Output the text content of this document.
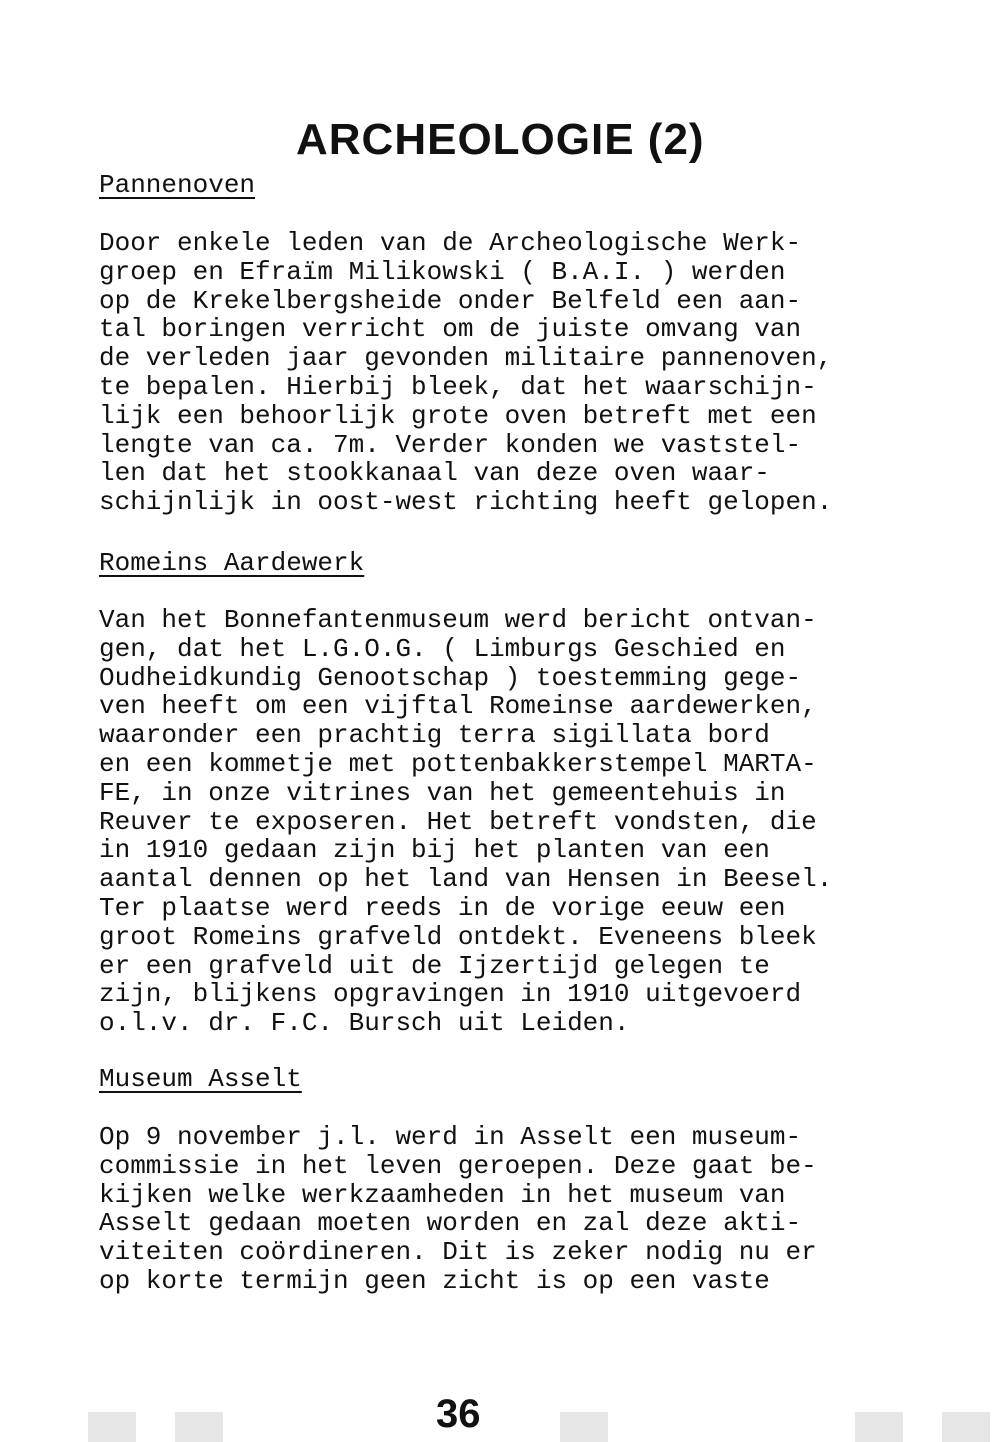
ARCHEOLOGIE (2)
Pannenoven
Door enkele leden van de Archeologische Werk-
groep en Efraïm Milikowski ( B.A.I. ) werden
op de Krekelbergsheide onder Belfeld een aan-
tal boringen verricht om de juiste omvang van
de verleden jaar gevonden militaire pannenoven,
te bepalen. Hierbij bleek, dat het waarschijn-
lijk een behoorlijk grote oven betreft met een
lengte van ca. 7m. Verder konden we vaststel-
len dat het stookkanaal van deze oven waar-
schijnlijk in oost-west richting heeft gelopen.
Romeins Aardewerk
Van het Bonnefantenmuseum werd bericht ontvan-
gen, dat het L.G.O.G. ( Limburgs Geschied en
Oudheidkundig Genootschap ) toestemming gege-
ven heeft om een vijftal Romeinse aardewerken,
waaronder een prachtig terra sigillata bord
en een kommetje met pottenbakkerstempel MARTA-
FE, in onze vitrines van het gemeentehuis in
Reuver te exposeren. Het betreft vondsten, die
in 1910 gedaan zijn bij het planten van een
aantal dennen op het land van Hensen in Beesel.
Ter plaatse werd reeds in de vorige eeuw een
groot Romeins grafveld ontdekt. Eveneens bleek
er een grafveld uit de Ijzertijd gelegen te
zijn, blijkens opgravingen in 1910 uitgevoerd
o.l.v. dr. F.C. Bursch uit Leiden.
Museum Asselt
Op 9 november j.l. werd in Asselt een museum-
commissie in het leven geroepen. Deze gaat be-
kijken welke werkzaamheden in het museum van
Asselt gedaan moeten worden en zal deze akti-
viteiten coördineren. Dit is zeker nodig nu er
op korte termijn geen zicht is op een vaste
36
